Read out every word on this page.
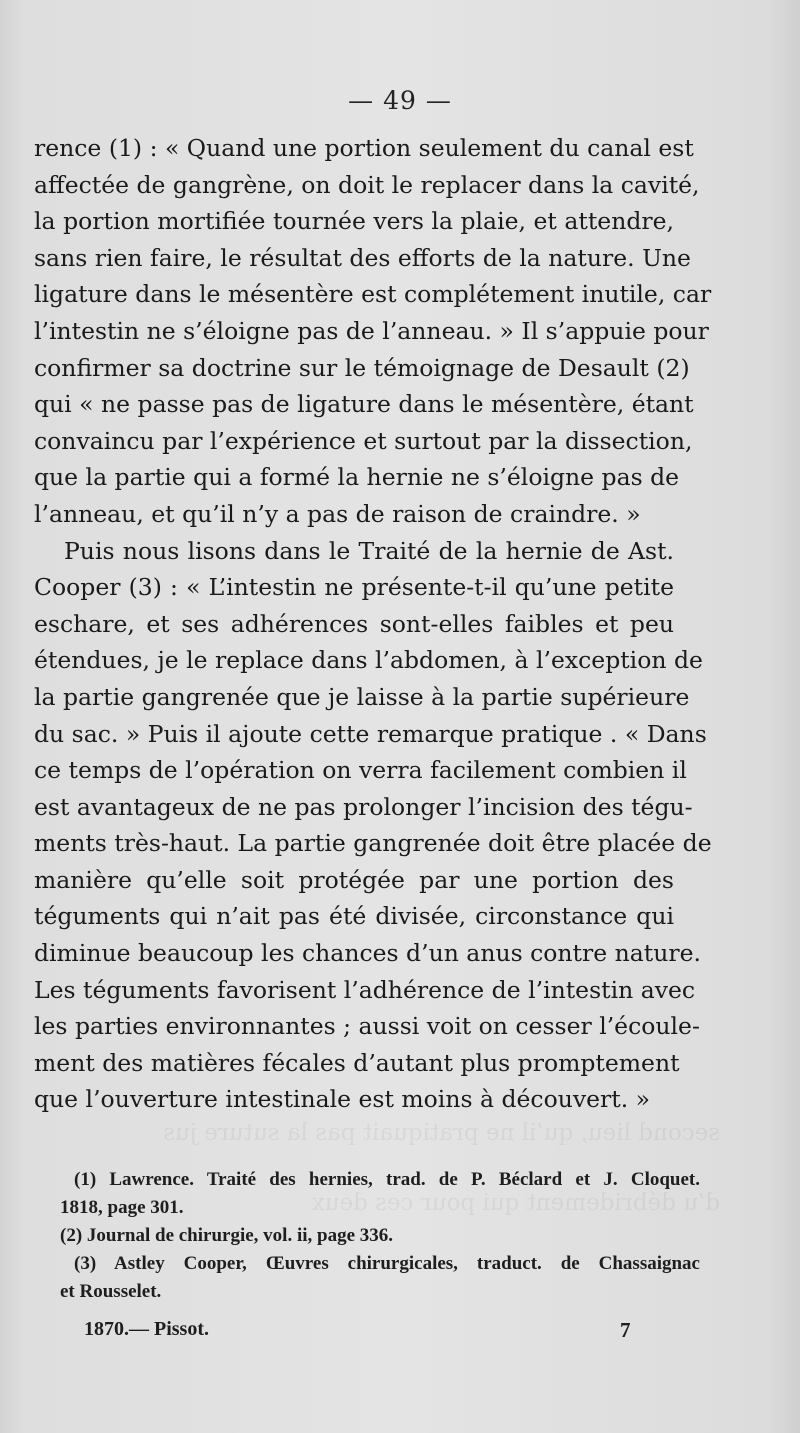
second lieu, qu’il ne pratiquait pas la suture jus
d’u débridement qui pour ces deux
— 49 —
rence (1) : « Quand une portion seulement du canal est
affectée de gangrène, on doit le replacer dans la cavité,
la portion mortifiée tournée vers la plaie, et attendre,
sans rien faire, le résultat des efforts de la nature. Une
ligature dans le mésentère est complétement inutile, car
l’intestin ne s’éloigne pas de l’anneau. » Il s’appuie pour
confirmer sa doctrine sur le témoignage de Desault (2)
qui « ne passe pas de ligature dans le mésentère, étant
convaincu par l’expérience et surtout par la dissection,
que la partie qui a formé la hernie ne s’éloigne pas de
l’anneau, et qu’il n’y a pas de raison de craindre. »
Puis nous lisons dans le Traité de la hernie de Ast.
Cooper (3) : « L’intestin ne présente-t-il qu’une petite
eschare, et ses adhérences sont-elles faibles et peu
étendues, je le replace dans l’abdomen, à l’exception de
la partie gangrenée que je laisse à la partie supérieure
du sac. » Puis il ajoute cette remarque pratique . « Dans
ce temps de l’opération on verra facilement combien il
est avantageux de ne pas prolonger l’incision des tégu-
ments très-haut. La partie gangrenée doit être placée de
manière qu’elle soit protégée par une portion des
téguments qui n’ait pas été divisée, circonstance qui
diminue beaucoup les chances d’un anus contre nature.
Les téguments favorisent l’adhérence de l’intestin avec
les parties environnantes ; aussi voit on cesser l’écoule-
ment des matières fécales d’autant plus promptement
que l’ouverture intestinale est moins à découvert. »
(1) Lawrence. Traité des hernies, trad. de P. Béclard et J. Cloquet.
1818, page 301.
(2) Journal de chirurgie, vol. ii, page 336.
(3) Astley Cooper, Œuvres chirurgicales, traduct. de Chassaignac
et Rousselet.
1870.— Pissot.	7
